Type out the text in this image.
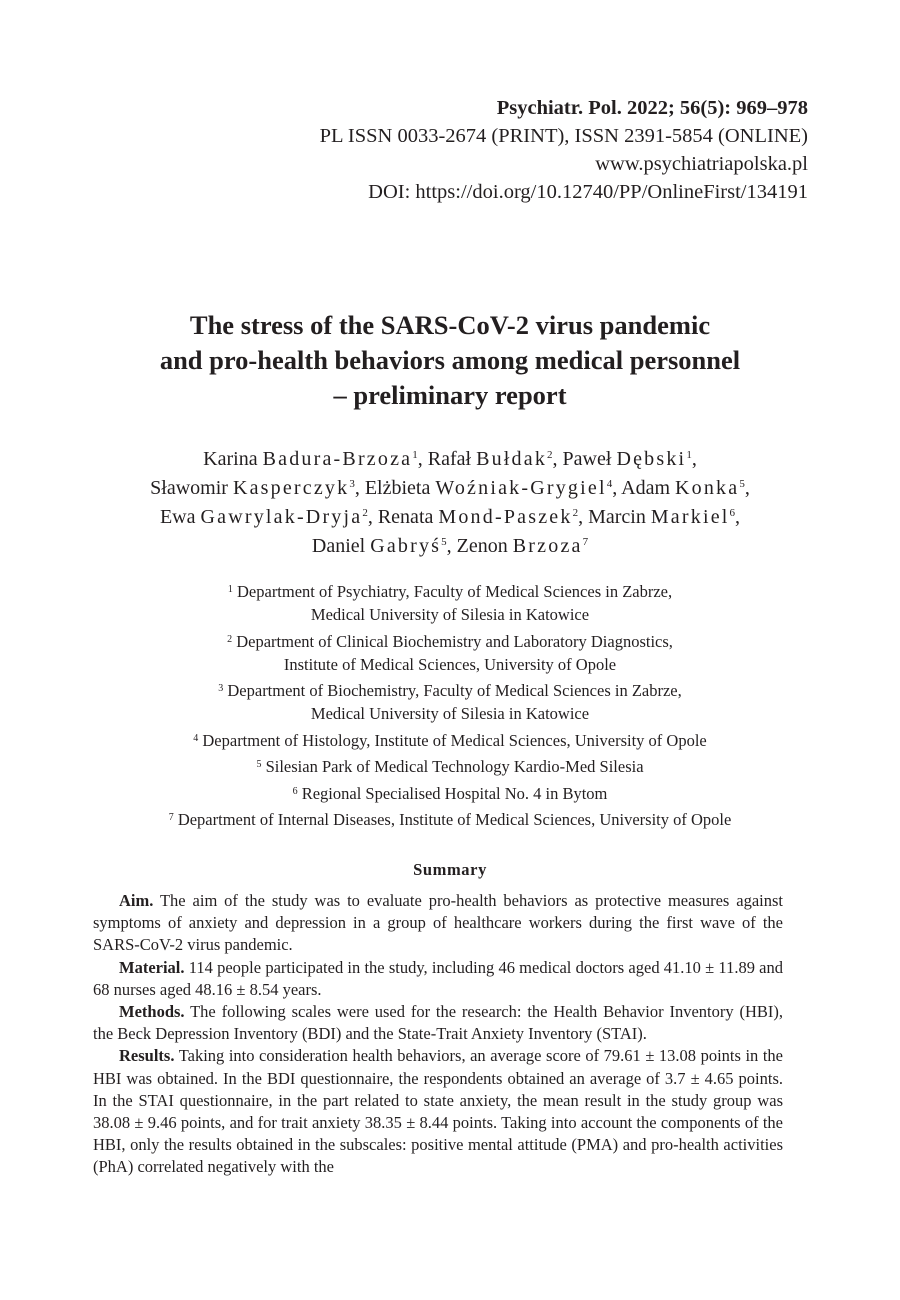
Psychiatr. Pol. 2022; 56(5): 969–978
PL ISSN 0033-2674 (PRINT), ISSN 2391-5854 (ONLINE)
www.psychiatriapolska.pl
DOI: https://doi.org/10.12740/PP/OnlineFirst/134191
The stress of the SARS-CoV-2 virus pandemic
and pro-health behaviors among medical personnel
– preliminary report
Karina Badura-Brzoza$^1$, Rafał Bułdak$^2$, Paweł Dębski$^1$,
Sławomir Kasperczyk$^3$, Elżbieta Woźniak-Grygiel$^4$, Adam Konka$^5$,
Ewa Gawrylak-Dryja$^2$, Renata Mond-Paszek$^2$, Marcin Markiel$^6$,
Daniel Gabryś$^5$, Zenon Brzoza$^7$
$^1$ Department of Psychiatry, Faculty of Medical Sciences in Zabrze,
Medical University of Silesia in Katowice
$^2$ Department of Clinical Biochemistry and Laboratory Diagnostics,
Institute of Medical Sciences, University of Opole
$^3$ Department of Biochemistry, Faculty of Medical Sciences in Zabrze,
Medical University of Silesia in Katowice
$^4$ Department of Histology, Institute of Medical Sciences, University of Opole
$^5$ Silesian Park of Medical Technology Kardio-Med Silesia
$^6$ Regional Specialised Hospital No. 4 in Bytom
$^7$ Department of Internal Diseases, Institute of Medical Sciences, University of Opole
Summary

Aim. The aim of the study was to evaluate pro-health behaviors as protective measures against symptoms of anxiety and depression in a group of healthcare workers during the first wave of the SARS-CoV-2 virus pandemic.

Material. 114 people participated in the study, including 46 medical doctors aged 41.10 ± 11.89 and 68 nurses aged 48.16 ± 8.54 years.

Methods. The following scales were used for the research: the Health Behavior Inventory (HBI), the Beck Depression Inventory (BDI) and the State-Trait Anxiety Inventory (STAI).

Results. Taking into consideration health behaviors, an average score of 79.61 ± 13.08 points in the HBI was obtained. In the BDI questionnaire, the respondents obtained an average of 3.7 ± 4.65 points. In the STAI questionnaire, in the part related to state anxiety, the mean result in the study group was 38.08 ± 9.46 points, and for trait anxiety 38.35 ± 8.44 points. Taking into account the components of the HBI, only the results obtained in the subscales: positive mental attitude (PMA) and pro-health activities (PhA) correlated negatively with the
